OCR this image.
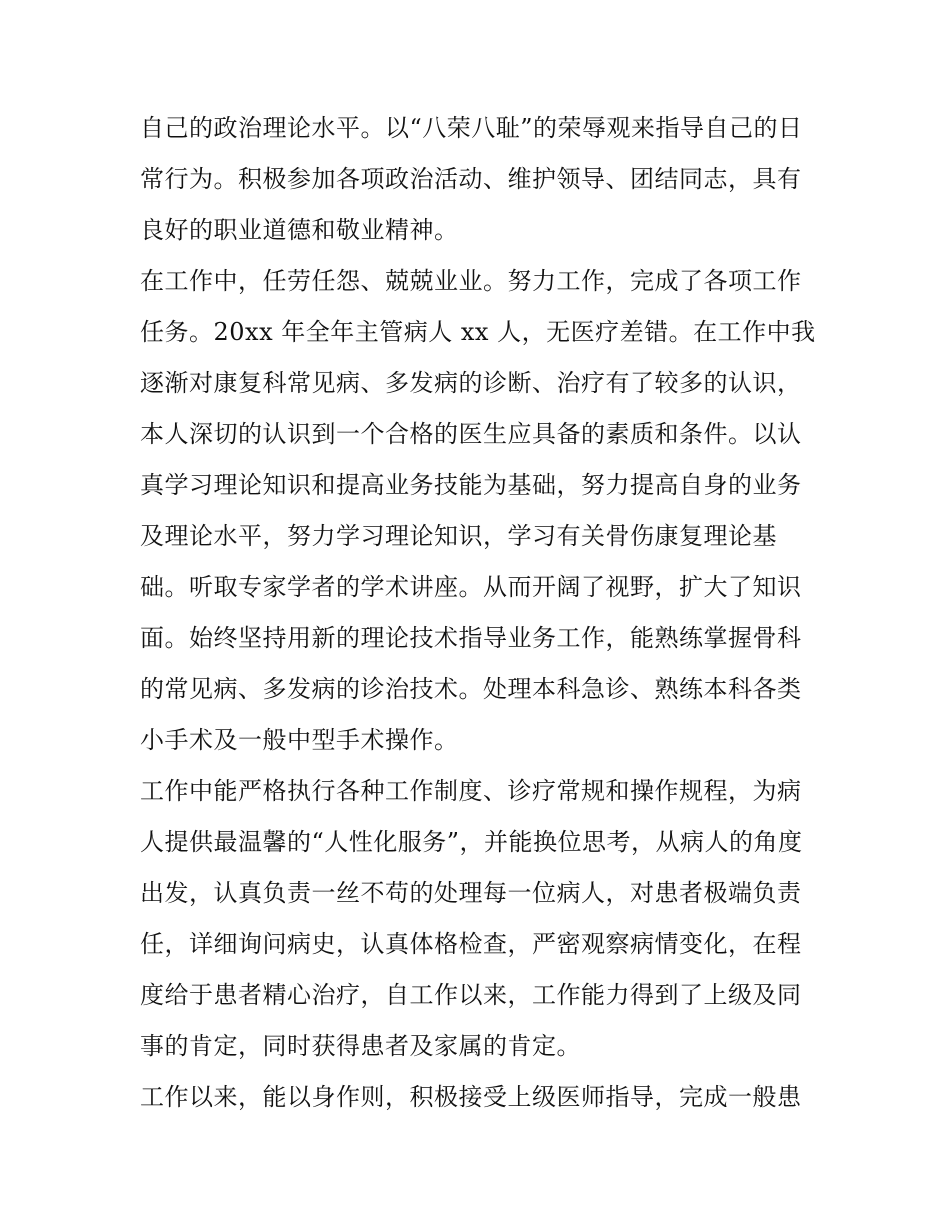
自己的政治理论水平。以“八荣八耻”的荣辱观来指导自己的日
常行为。积极参加各项政治活动、维护领导、团结同志，具有
良好的职业道德和敬业精神。
在工作中，任劳任怨、兢兢业业。努力工作，完成了各项工作
任务。20xx 年全年主管病人 xx 人，无医疗差错。在工作中我
逐渐对康复科常见病、多发病的诊断、治疗有了较多的认识，
本人深切的认识到一个合格的医生应具备的素质和条件。以认
真学习理论知识和提高业务技能为基础，努力提高自身的业务
及理论水平，努力学习理论知识，学习有关骨伤康复理论基
础。听取专家学者的学术讲座。从而开阔了视野，扩大了知识
面。始终坚持用新的理论技术指导业务工作，能熟练掌握骨科
的常见病、多发病的诊治技术。处理本科急诊、熟练本科各类
小手术及一般中型手术操作。
工作中能严格执行各种工作制度、诊疗常规和操作规程，为病
人提供最温馨的“人性化服务”，并能换位思考，从病人的角度
出发，认真负责一丝不苟的处理每一位病人，对患者极端负责
任，详细询问病史，认真体格检查，严密观察病情变化，在程
度给于患者精心治疗，自工作以来，工作能力得到了上级及同
事的肯定，同时获得患者及家属的肯定。
工作以来，能以身作则，积极接受上级医师指导，完成一般患
